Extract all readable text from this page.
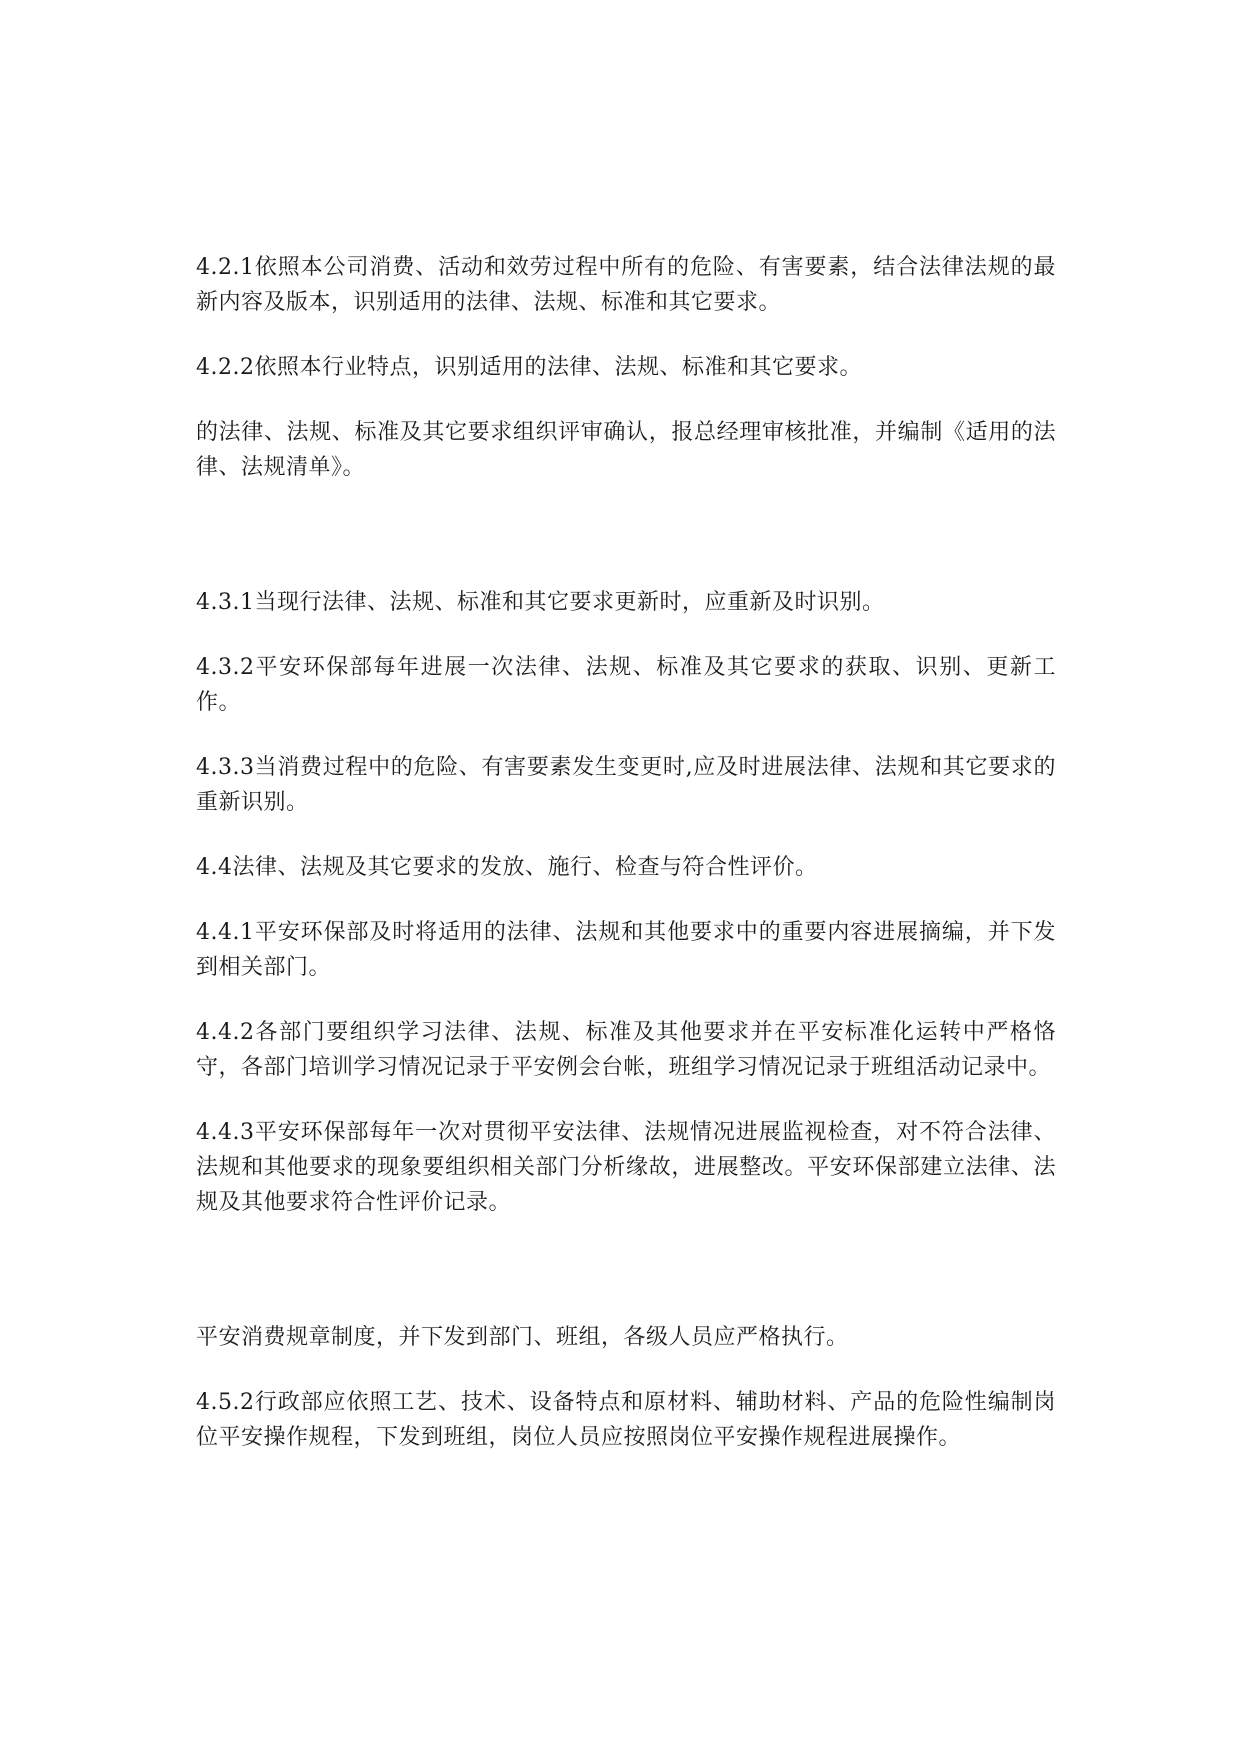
4.2.1依照本公司消费、活动和效劳过程中所有的危险、有害要素，结合法律法规的最新内容及版本，识别适用的法律、法规、标准和其它要求。

4.2.2依照本行业特点，识别适用的法律、法规、标准和其它要求。

的法律、法规、标准及其它要求组织评审确认，报总经理审核批准，并编制《适用的法律、法规清单》。

4.3.1当现行法律、法规、标准和其它要求更新时，应重新及时识别。

4.3.2平安环保部每年进展一次法律、法规、标准及其它要求的获取、识别、更新工作。

4.3.3当消费过程中的危险、有害要素发生变更时,应及时进展法律、法规和其它要求的重新识别。

4.4法律、法规及其它要求的发放、施行、检查与符合性评价。

4.4.1平安环保部及时将适用的法律、法规和其他要求中的重要内容进展摘编，并下发到相关部门。

4.4.2各部门要组织学习法律、法规、标准及其他要求并在平安标准化运转中严格恪守，各部门培训学习情况记录于平安例会台帐，班组学习情况记录于班组活动记录中。

4.4.3平安环保部每年一次对贯彻平安法律、法规情况进展监视检查，对不符合法律、法规和其他要求的现象要组织相关部门分析缘故，进展整改。平安环保部建立法律、法规及其他要求符合性评价记录。

平安消费规章制度，并下发到部门、班组，各级人员应严格执行。

4.5.2行政部应依照工艺、技术、设备特点和原材料、辅助材料、产品的危险性编制岗位平安操作规程，下发到班组，岗位人员应按照岗位平安操作规程进展操作。
